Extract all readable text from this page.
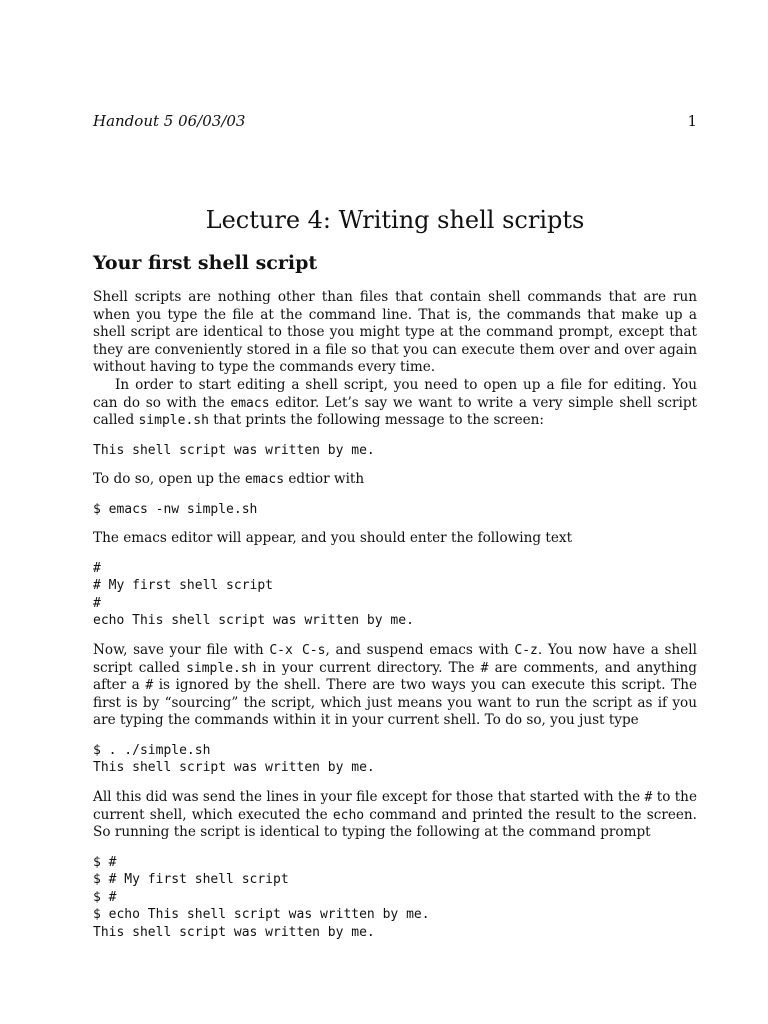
Handout 5 06/03/03	1
Lecture 4: Writing shell scripts
Your first shell script

Shell scripts are nothing other than files that contain shell commands that are run when you type the file at the command line. That is, the commands that make up a shell script are identical to those you might type at the command prompt, except that they are conveniently stored in a file so that you can execute them over and over again without having to type the commands every time.

In order to start editing a shell script, you need to open up a file for editing. You can do so with the emacs editor. Let’s say we want to write a very simple shell script called simple.sh that prints the following message to the screen:

This shell script was written by me.

To do so, open up the emacs edtior with

$ emacs -nw simple.sh

The emacs editor will appear, and you should enter the following text

#
# My first shell script
#
echo This shell script was written by me.

Now, save your file with C-x C-s, and suspend emacs with C-z. You now have a shell script called simple.sh in your current directory. The # are comments, and anything after a # is ignored by the shell. There are two ways you can execute this script. The first is by “sourcing” the script, which just means you want to run the script as if you are typing the commands within it in your current shell. To do so, you just type

$ . ./simple.sh
This shell script was written by me.

All this did was send the lines in your file except for those that started with the # to the current shell, which executed the echo command and printed the result to the screen. So running the script is identical to typing the following at the command prompt

$ #
$ # My first shell script
$ #
$ echo This shell script was written by me.
This shell script was written by me.
